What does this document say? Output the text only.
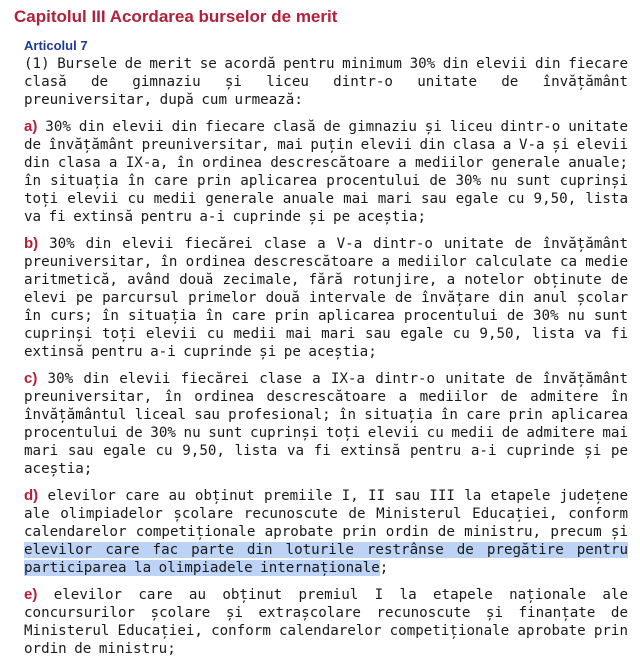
Capitolul III Acordarea burselor de merit
Articolul 7

(1) Bursele de merit se acordă pentru minimum 30% din elevii din fiecare clasă de gimnaziu și liceu dintr-o unitate de învățământ preuniversitar, după cum urmează:

a) 30% din elevii din fiecare clasă de gimnaziu și liceu dintr-o unitate de învățământ preuniversitar, mai puțin elevii din clasa a V-a și elevii din clasa a IX-a, în ordinea descrescătoare a mediilor generale anuale; în situația în care prin aplicarea procentului de 30% nu sunt cuprinși toți elevii cu medii generale anuale mai mari sau egale cu 9,50, lista va fi extinsă pentru a-i cuprinde și pe aceștia;

b) 30% din elevii fiecărei clase a V-a dintr-o unitate de învățământ preuniversitar, în ordinea descrescătoare a mediilor calculate ca medie aritmetică, având două zecimale, fără rotunjire, a notelor obținute de elevi pe parcursul primelor două intervale de învățare din anul școlar în curs; în situația în care prin aplicarea procentului de 30% nu sunt cuprinși toți elevii cu medii mai mari sau egale cu 9,50, lista va fi extinsă pentru a-i cuprinde și pe aceștia;

c) 30% din elevii fiecărei clase a IX-a dintr-o unitate de învățământ preuniversitar, în ordinea descrescătoare a mediilor de admitere în învățământul liceal sau profesional; în situația în care prin aplicarea procentului de 30% nu sunt cuprinși toți elevii cu medii de admitere mai mari sau egale cu 9,50, lista va fi extinsă pentru a-i cuprinde și pe aceștia;

d) elevilor care au obținut premiile I, II sau III la etapele județene ale olimpiadelor școlare recunoscute de Ministerul Educației, conform calendarelor competiționale aprobate prin ordin de ministru, precum și elevilor care fac parte din loturile restrânse de pregătire pentru participarea la olimpiadele internaționale;

e) elevilor care au obținut premiul I la etapele naționale ale concursurilor școlare și extrașcolare recunoscute și finanțate de Ministerul Educației, conform calendarelor competiționale aprobate prin ordin de ministru;
